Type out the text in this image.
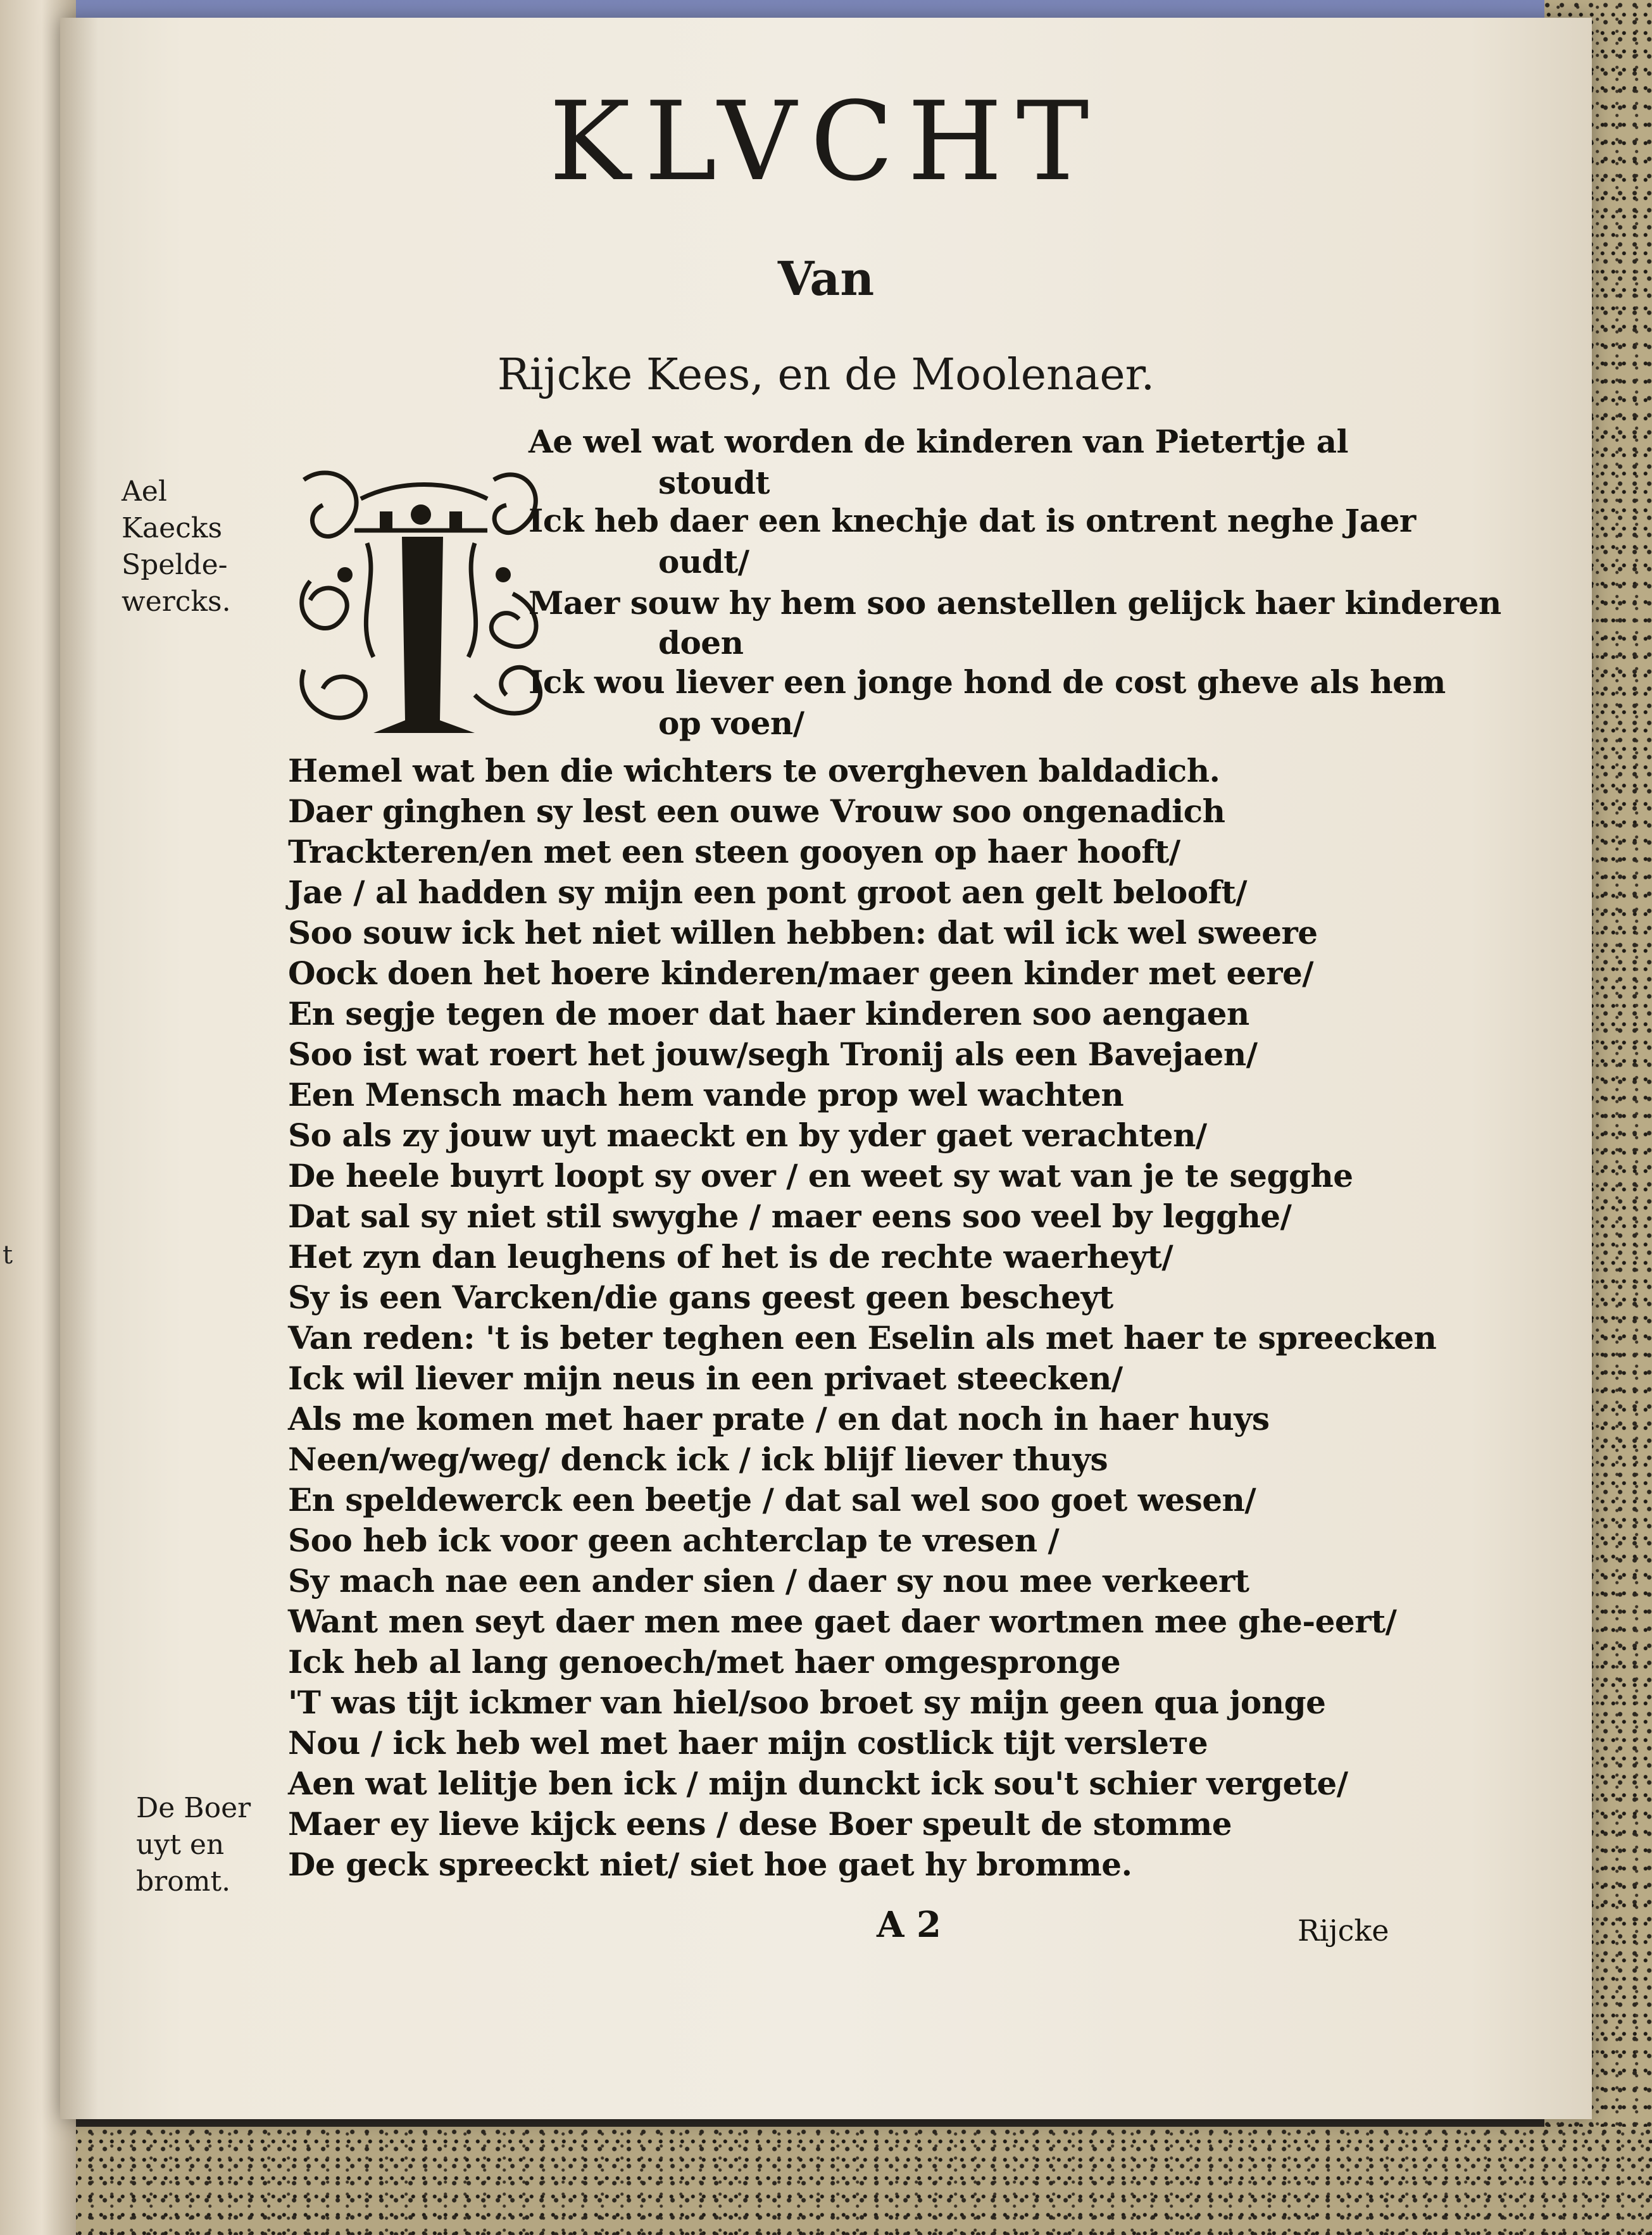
t
KLVCHT
Van
Rijcke Kees, en de Moolenaer.
Ael
Kaecks
Spelde-
wercks.
H
Ae wel wat worden de kinderen van Pietertje al
stoudt
Ick heb daer een knechje dat is ontrent neghe Jaer
oudt/
Maer souw hy hem soo aenstellen gelijck haer kinderen
doen
Ick wou liever een jonge hond de cost gheve als hem
op voen/
Hemel wat ben die wichters te overgheven baldadich.
Daer ginghen sy lest een ouwe Vrouw soo ongenadich
Trackteren/en met een steen gooyen op haer hooft/
Jae / al hadden sy mijn een pont groot aen gelt belooft/
Soo souw ick het niet willen hebben: dat wil ick wel sweere
Oock doen het hoere kinderen/maer geen kinder met eere/
En segje tegen de moer dat haer kinderen soo aengaen
Soo ist wat roert het jouw/segh Tronij als een Bavejaen/
Een Mensch mach hem vande prop wel wachten
So als zy jouw uyt maeckt en by yder gaet verachten/
De heele buyrt loopt sy over / en weet sy wat van je te segghe
Dat sal sy niet stil swyghe / maer eens soo veel by legghe/
Het zyn dan leughens of het is de rechte waerheyt/
Sy is een Varcken/die gans geest geen bescheyt
Van reden: 't is beter teghen een Eselin als met haer te spreecken
Ick wil liever mijn neus in een privaet steecken/
Als me komen met haer prate / en dat noch in haer huys
Neen/weg/weg/ denck ick / ick blijf liever thuys
En speldewerck een beetje / dat sal wel soo goet wesen/
Soo heb ick voor geen achterclap te vresen /
Sy mach nae een ander sien / daer sy nou mee verkeert
Want men seyt daer men mee gaet daer wortmen mee ghe-eert/
Ick heb al lang genoech/met haer omgesprongе
'T was tijt ickmer van hiel/soo broet sy mijn geen qua jonge
Nou / ick heb wel met haer mijn costlick tijt versleте
Aen wat lelitje ben ick / mijn dunckt ick sou't schier vergete/
Maer ey lieve kijck eens / dese Boer speult de stomme
De geck spreeckt niet/ siet hoe gaet hy bromme.
De Boer
uyt en
bromt.
A 2	Rijcke
